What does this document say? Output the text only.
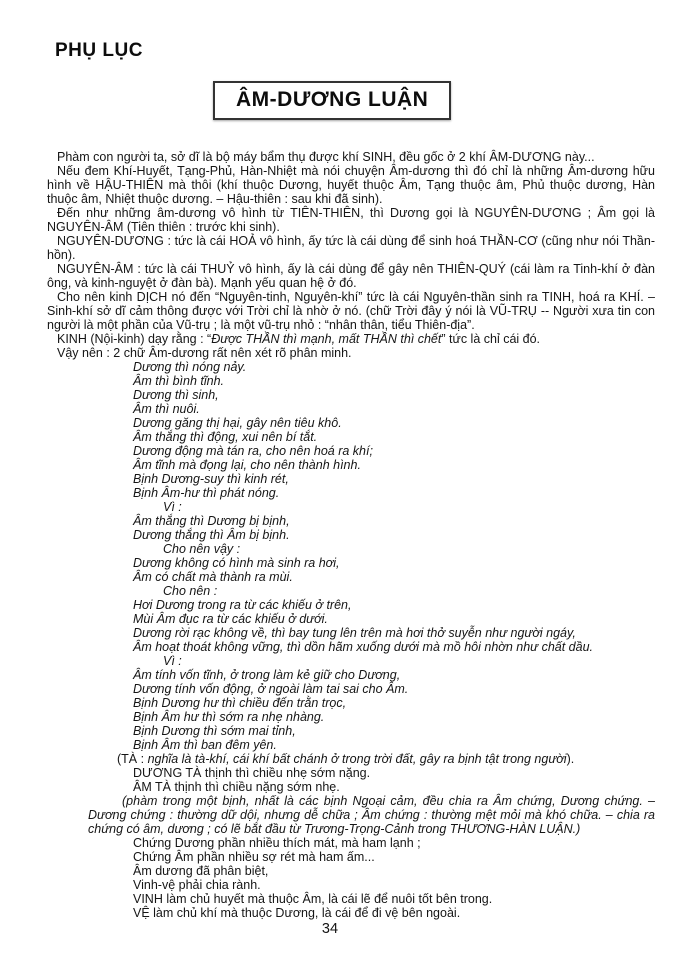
PHỤ LỤC
ÂM-DƯƠNG LUẬN

Phàm con người ta, sở dĩ là bộ máy bẩm thụ được khí SINH, đều gốc ở 2 khí ÂM-DƯƠNG này...

Nếu đem Khí-Huyết, Tạng-Phủ, Hàn-Nhiệt mà nói chuyện Âm-dương thì đó chỉ là những Âm-dương hữu hình về HẬU-THIÊN mà thôi (khí thuộc Dương, huyết thuộc Âm, Tạng thuộc âm, Phủ thuộc dương, Hàn thuộc âm, Nhiệt thuộc dương. – Hậu-thiên : sau khi đã sinh).

Đến như những âm-dương vô hình từ TIÊN-THIÊN, thì Dương gọi là NGUYÊN-DƯƠNG ; Âm gọi là NGUYÊN-ÂM (Tiên thiên : trước khi sinh).

NGUYÊN-DƯƠNG : tức là cái HOẢ vô hình, ấy tức là cái dùng để sinh hoá THẦN-CƠ (cũng như nói Thần-hồn).

NGUYÊN-ÂM : tức là cái THUỶ vô hình, ấy là cái dùng để gây nên THIÊN-QUÝ (cái làm ra Tinh-khí ở đàn ông, và kinh-nguyệt ở đàn bà). Mạnh yếu quan hệ ở đó.

Cho nên kinh DỊCH nó đến “Nguyên-tinh, Nguyên-khí” tức là cái Nguyên-thần sinh ra TINH, hoá ra KHÍ. – Sinh-khí sở dĩ cảm thông được với Trời chỉ là nhờ ở nó. (chữ Trời đây ý nói là VŨ-TRỤ -- Người xưa tin con người là một phần của Vũ-trụ ; là một vũ-trụ nhỏ : “nhân thân, tiểu Thiên-địa”.

KINH (Nội-kinh) dạy rằng : “Được THẦN thì mạnh, mất THẦN thì chết” tức là chỉ cái đó.

Vậy nên : 2 chữ Âm-dương rất nên xét rõ phân minh.

Dương thì nóng nảy.

Âm thì bình tĩnh.

Dương thì sinh,

Âm thì nuôi.

Dương găng thị hại, gây nên tiêu khô.

Âm thắng thì động, xui nên bí tắt.

Dương động mà tán ra, cho nên hoá ra khí;

Âm tĩnh mà đọng lại, cho nên thành hình.

Bịnh Dương-suy thì kinh rét,

Bịnh Âm-hư thì phát nóng.

Vì :

Âm thắng thì Dương bị bịnh,

Dương thắng thì Âm bị bịnh.

Cho nên vậy :

Dương không có hình mà sinh ra hơi,

Âm có chất mà thành ra mùi.

Cho nên :

Hơi Dương trong ra từ các khiếu ở trên,

Mùi Âm đục ra từ các khiếu ở dưới.

Dương rời rạc không về, thì bay tung lên trên mà hơi thở suyễn như người ngáy,

Âm hoạt thoát không vững, thì dồn hãm xuống dưới mà mồ hôi nhờn như chất dầu.

Vì :

Âm tính vốn tĩnh, ở trong làm kẻ giữ cho Dương,

Dương tính vốn động, ở ngoài làm tai sai cho Âm.

Bịnh Dương hư thì chiều đến trằn trọc,

Bịnh Âm hư thì sớm ra nhẹ nhàng.

Bịnh Dương thì sớm mai tỉnh,

Bịnh Âm thì ban đêm yên.

(TÀ : nghĩa là tà-khí, cái khí bất chánh ở trong trời đất, gây ra bịnh tật trong người).

DƯƠNG TÀ thịnh thì chiều nhẹ sớm nặng.

ÂM TÀ thịnh thì chiều nặng sớm nhẹ.

(phàm trong một bịnh, nhất là các bịnh Ngoại cảm, đều chia ra Âm chứng, Dương chứng. – Dương chứng : thường dữ dội, nhưng dễ chữa ; Âm chứng : thường mệt mỏi mà khó chữa. – chia ra chứng có âm, dương ; có lẽ bắt đầu từ Trương-Trọng-Cảnh trong THƯƠNG-HÀN LUẬN.)

Chứng Dương phần nhiều thích mát, mà ham lạnh ;

Chứng Âm phần nhiều sợ rét mà ham ấm...

Âm dương đã phân biệt,

Vinh-vệ phải chia rành.

VINH làm chủ huyết mà thuộc Âm, là cái lẽ để nuôi tốt bên trong.

VỆ làm chủ khí mà thuộc Dương, là cái để đi vệ bên ngoài.

34
